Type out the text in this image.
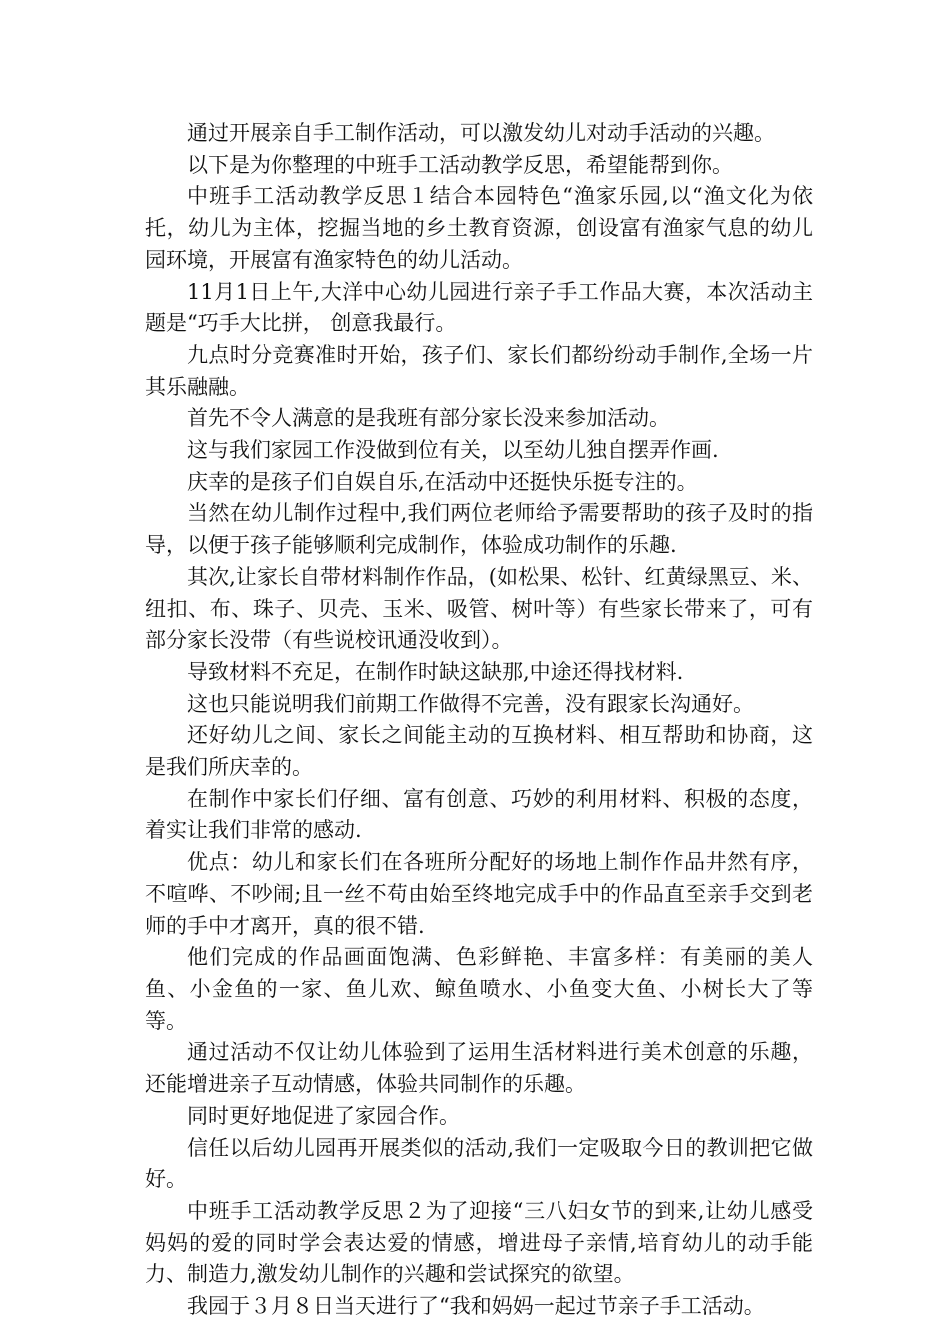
通过开展亲自手工制作活动，可以激发幼儿对动手活动的兴趣。

以下是为你整理的中班手工活动教学反思，希望能帮到你。

中班手工活动教学反思１结合本园特色“渔家乐园,以“渔文化为依托，幼儿为主体，挖掘当地的乡土教育资源，创设富有渔家气息的幼儿园环境，开展富有渔家特色的幼儿活动。

11月1日上午,大洋中心幼儿园进行亲子手工作品大赛，本次活动主题是“巧手大比拼， 创意我最行。

九点时分竞赛准时开始，孩子们、家长们都纷纷动手制作,全场一片其乐融融。

首先不令人满意的是我班有部分家长没来参加活动。

这与我们家园工作没做到位有关，以至幼儿独自摆弄作画.

庆幸的是孩子们自娱自乐,在活动中还挺快乐挺专注的。

当然在幼儿制作过程中,我们两位老师给予需要帮助的孩子及时的指导，以便于孩子能够顺利完成制作，体验成功制作的乐趣.

其次,让家长自带材料制作作品，(如松果、松针、红黄绿黑豆、米、纽扣、布、珠子、贝壳、玉米、吸管、树叶等）有些家长带来了，可有部分家长没带（有些说校讯通没收到）。

导致材料不充足，在制作时缺这缺那,中途还得找材料.

这也只能说明我们前期工作做得不完善，没有跟家长沟通好。

还好幼儿之间、家长之间能主动的互换材料、相互帮助和协商，这是我们所庆幸的。

在制作中家长们仔细、富有创意、巧妙的利用材料、积极的态度，着实让我们非常的感动.

优点：幼儿和家长们在各班所分配好的场地上制作作品井然有序，不喧哗、不吵闹;且一丝不苟由始至终地完成手中的作品直至亲手交到老师的手中才离开，真的很不错.

他们完成的作品画面饱满、色彩鲜艳、丰富多样：有美丽的美人鱼、小金鱼的一家、鱼儿欢、鲸鱼喷水、小鱼变大鱼、小树长大了等等。

通过活动不仅让幼儿体验到了运用生活材料进行美术创意的乐趣，还能增进亲子互动情感，体验共同制作的乐趣。

同时更好地促进了家园合作。

信任以后幼儿园再开展类似的活动,我们一定吸取今日的教训把它做好。

中班手工活动教学反思２为了迎接“三八妇女节的到来,让幼儿感受妈妈的爱的同时学会表达爱的情感，增进母子亲情,培育幼儿的动手能力、制造力,激发幼儿制作的兴趣和尝试探究的欲望。

我园于３月８日当天进行了“我和妈妈一起过节亲子手工活动。
